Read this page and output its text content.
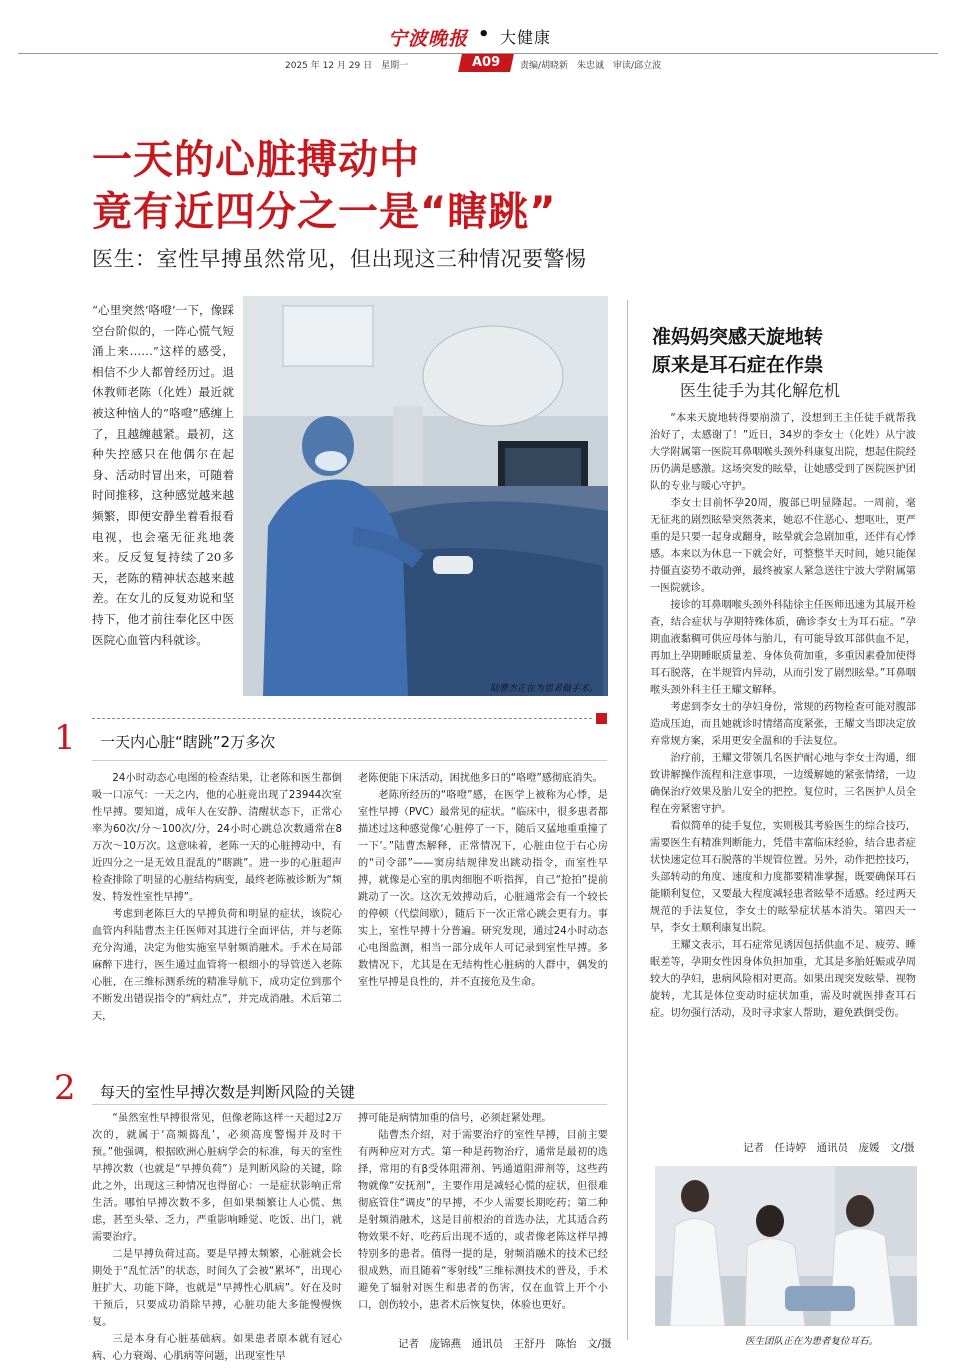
宁波晚报 • 大健康
2025 年 12 月 29 日　星期一	A09	责编/胡晓新　朱忠诚　审读/邱立波
一天的心脏搏动中
竟有近四分之一是“瞎跳”
医生：室性早搏虽然常见，但出现这三种情况要警惕
“心里突然‘咯噔’一下，像踩空台阶似的，一阵心慌气短涌上来……”这样的感受，相信不少人都曾经历过。退休教师老陈（化姓）最近就被这种恼人的“咯噔”感缠上了，且越缠越紧。最初，这种失控感只在他偶尔在起身、活动时冒出来，可随着时间推移，这种感觉越来越频繁，即便安静坐着看报看电视，也会毫无征兆地袭来。反反复复持续了20多天，老陈的精神状态越来越差。在女儿的反复劝说和坚持下，他才前往奉化区中医医院心血管内科就诊。
陆曹杰正在为患者做手术。
1 一天内心脏“瞎跳”2万多次

24小时动态心电图的检查结果，让老陈和医生都倒吸一口凉气：一天之内，他的心脏竟出现了23944次室性早搏。要知道，成年人在安静、清醒状态下，正常心率为60次/分～100次/分，24小时心跳总次数通常在8万次～10万次。这意味着，老陈一天的心脏搏动中，有近四分之一是无效且混乱的“瞎跳”。进一步的心脏超声检查排除了明显的心脏结构病变，最终老陈被诊断为“频发、特发性室性早搏”。

考虑到老陈巨大的早搏负荷和明显的症状，该院心血管内科陆曹杰主任医师对其进行全面评估，并与老陈充分沟通，决定为他实施室早射频消融术。手术在局部麻醉下进行，医生通过血管将一根细小的导管送入老陈心脏，在三维标测系统的精准导航下，成功定位到那个不断发出错误指令的“病灶点”，并完成消融。术后第二天，

老陈便能下床活动，困扰他多日的“咯噔”感彻底消失。

老陈所经历的“咯噔”感，在医学上被称为心悸，是室性早搏（PVC）最常见的症状。“临床中，很多患者都描述过这种感觉像‘心脏停了一下，随后又猛地重重撞了一下’。”陆曹杰解释，正常情况下，心脏由位于右心房的“司令部”——窦房结规律发出跳动指令，而室性早搏，就像是心室的肌肉细胞不听指挥，自己“抢拍”提前跳动了一次。这次无效搏动后，心脏通常会有一个较长的停顿（代偿间歇），随后下一次正常心跳会更有力。事实上，室性早搏十分普遍。研究发现，通过24小时动态心电图监测，相当一部分成年人可记录到室性早搏。多数情况下，尤其是在无结构性心脏病的人群中，偶发的室性早搏是良性的，并不直接危及生命。

2 每天的室性早搏次数是判断风险的关键

“虽然室性早搏很常见，但像老陈这样一天超过2万次的，就属于‘高频捣乱’，必须高度警惕并及时干预。”他强调，根据欧洲心脏病学会的标准，每天的室性早搏次数（也就是“早搏负荷”）是判断风险的关键，除此之外，出现这三种情况也得留心：一是症状影响正常生活。哪怕早搏次数不多，但如果频繁让人心慌、焦虑，甚至头晕、乏力，严重影响睡觉、吃饭、出门，就需要治疗。

二是早搏负荷过高。要是早搏太频繁，心脏就会长期处于“乱忙活”的状态，时间久了会被“累坏”，出现心脏扩大、功能下降，也就是“早搏性心肌病”。好在及时干预后，只要成功消除早搏，心脏功能大多能慢慢恢复。

三是本身有心脏基础病。如果患者原本就有冠心病、心力衰竭、心肌病等问题，出现室性早

搏可能是病情加重的信号，必须赶紧处理。

陆曹杰介绍，对于需要治疗的室性早搏，目前主要有两种应对方式。第一种是药物治疗，通常是最初的选择，常用的有β受体阻滞剂、钙通道阻滞剂等，这些药物就像“安抚剂”，主要作用是减轻心慌的症状，但很难彻底管住“调皮”的早搏，不少人需要长期吃药；第二种是射频消融术，这是目前根治的首选办法，尤其适合药物效果不好、吃药后出现不适的，或者像老陈这样早搏特别多的患者。值得一提的是，射频消融术的技术已经很成熟，而且随着“零射线”三维标测技术的普及，手术避免了辐射对医生和患者的伤害，仅在血管上开个小口，创伤较小，患者术后恢复快，体验也更好。

记者　庞锦燕　通讯员　王舒丹　陈怡　文/摄
准妈妈突感天旋地转
原来是耳石症在作祟
医生徒手为其化解危机

“本来天旋地转得要崩溃了，没想到王主任徒手就帮我治好了，太感谢了！”近日，34岁的李女士（化姓）从宁波大学附属第一医院耳鼻咽喉头颈外科康复出院，想起住院经历仍满是感激。这场突发的眩晕，让她感受到了医院医护团队的专业与暖心守护。

李女士目前怀孕20周，腹部已明显隆起。一周前，毫无征兆的剧烈眩晕突然袭来，她忍不住恶心、想呕吐，更严重的是只要一起身或翻身，眩晕就会急剧加重，还伴有心悸感。本来以为休息一下就会好，可整整半天时间，她只能保持僵直姿势不敢动弹，最终被家人紧急送往宁波大学附属第一医院就诊。

接诊的耳鼻咽喉头颈外科陆徐主任医师迅速为其展开检查，结合症状与孕期特殊体质，确诊李女士为耳石症。“孕期血液黏稠可供应母体与胎儿，有可能导致耳部供血不足，再加上孕期睡眠质量差、身体负荷加重，多重因素叠加使得耳石脱落，在半规管内异动，从而引发了剧烈眩晕。”耳鼻咽喉头颈外科主任王耀文解释。

考虑到李女士的孕妇身份，常规的药物检查可能对腹部造成压迫，而且她就诊时情绪高度紧张，王耀文当即决定放弃常规方案，采用更安全温和的手法复位。

治疗前，王耀文带领几名医护耐心地与李女士沟通，细致讲解操作流程和注意事项，一边缓解她的紧张情绪，一边确保治疗效果及胎儿安全的把控。复位时，三名医护人员全程在旁紧密守护。

看似简单的徒手复位，实则极其考验医生的综合技巧，需要医生有精准判断能力，凭借丰富临床经验，结合患者症状快速定位耳石脱落的半规管位置。另外，动作把控技巧，头部转动的角度、速度和力度都要精准掌握，既要确保耳石能顺利复位，又要最大程度减轻患者眩晕不适感。经过两天规范的手法复位，李女士的眩晕症状基本消失。第四天一早，李女士顺利康复出院。

王耀文表示，耳石症常见诱因包括供血不足、疲劳、睡眠差等，孕期女性因身体负担加重，尤其是多胎妊娠或孕周较大的孕妇，患病风险相对更高。如果出现突发眩晕、视物旋转，尤其是体位变动时症状加重，需及时就医排查耳石症。切勿强行活动，及时寻求家人帮助，避免跌倒受伤。

记者　任诗婷　通讯员　庞媛　文/摄
医生团队正在为患者复位耳石。
